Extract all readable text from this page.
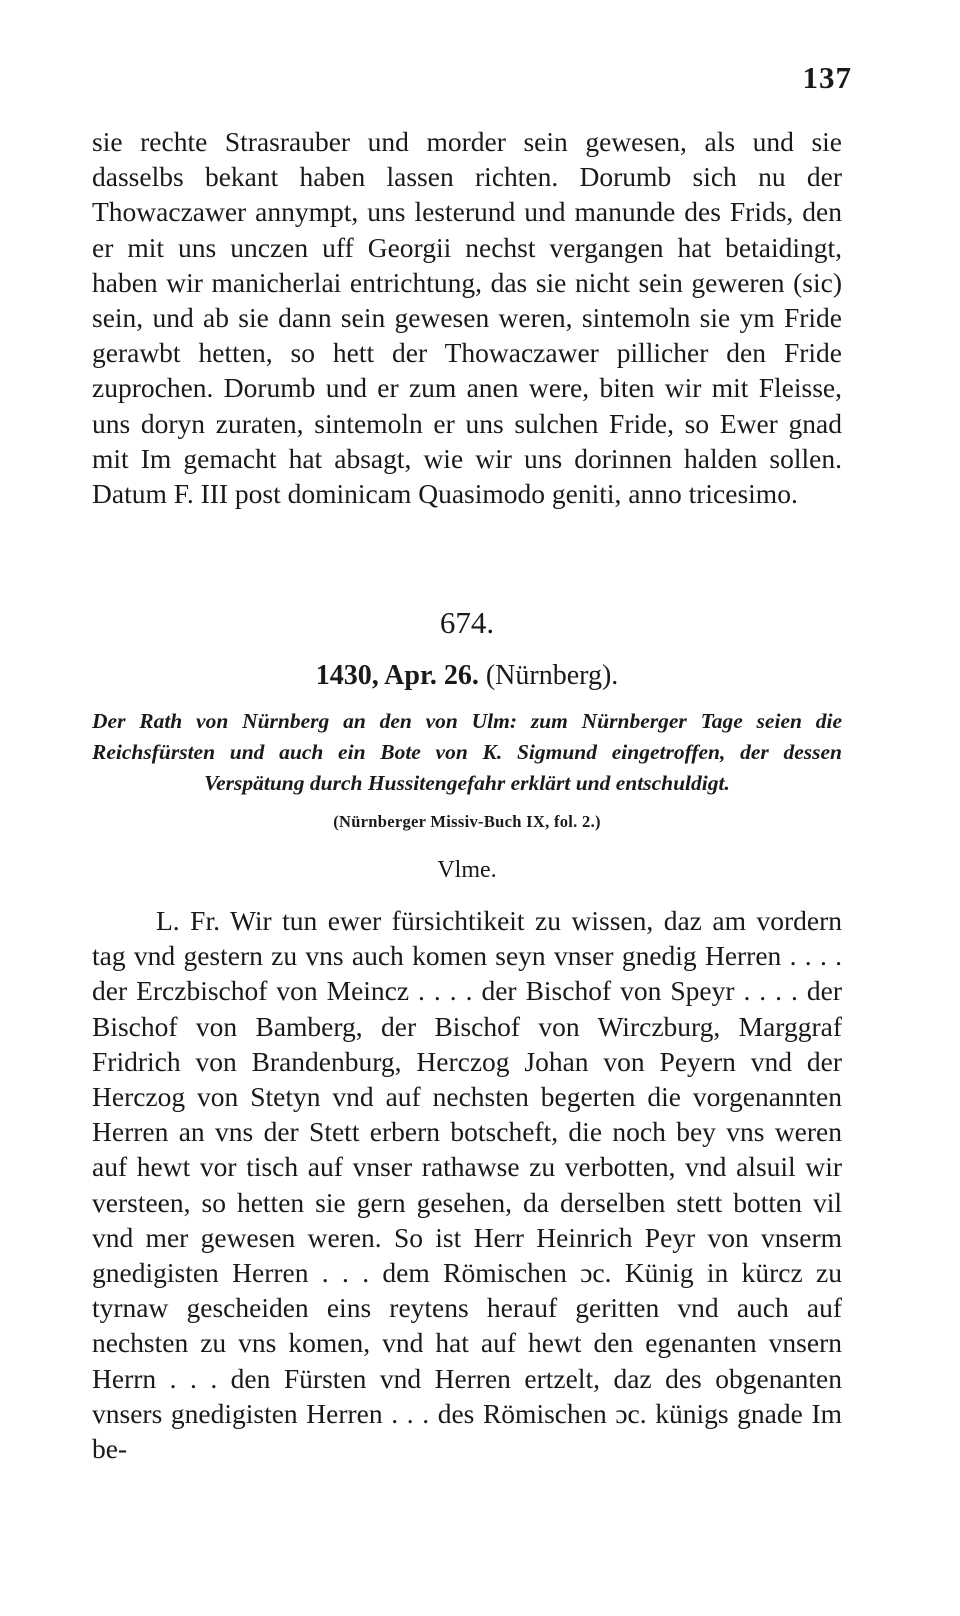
137

sie rechte Strasrauber und morder sein gewesen, als und sie dasselbs bekant haben lassen richten. Dorumb sich nu der Thowaczawer annympt, uns lesterund und manunde des Frids, den er mit uns unczen uff Georgii nechst vergangen hat betaidingt, haben wir manicherlai entrichtung, das sie nicht sein geweren (sic) sein, und ab sie dann sein gewesen weren, sintemoln sie ym Fride gerawbt hetten, so hett der Thowaczawer pillicher den Fride zuprochen. Dorumb und er zum anen were, biten wir mit Fleisse, uns doryn zuraten, sintemoln er uns sulchen Fride, so Ewer gnad mit Im gemacht hat absagt, wie wir uns dorinnen halden sollen. Datum F. III post dominicam Quasimodo geniti, anno tricesimo.

674.
1430, Apr. 26. (Nürnberg).
Der Rath von Nürnberg an den von Ulm: zum Nürnberger Tage seien die Reichsfürsten und auch ein Bote von K. Sigmund eingetroffen, der dessen Verspätung durch Hussitengefahr erklärt und entschuldigt.
(Nürnberger Missiv-Buch IX, fol. 2.)
Vlme.

L. Fr. Wir tun ewer fürsichtikeit zu wissen, daz am vordern tag vnd gestern zu vns auch komen seyn vnser gnedig Herren . . . . der Erczbischof von Meincz . . . . der Bischof von Speyr . . . . der Bischof von Bamberg, der Bischof von Wirczburg, Marggraf Fridrich von Brandenburg, Herczog Johan von Peyern vnd der Herczog von Stetyn vnd auf nechsten begerten die vorgenannten Herren an vns der Stett erbern botscheft, die noch bey vns weren auf hewt vor tisch auf vnser rathawse zu verbotten, vnd alsuil wir versteen, so hetten sie gern gesehen, da derselben stett botten vil vnd mer gewesen weren. So ist Herr Heinrich Peyr von vnserm gnedigisten Herren . . . dem Römischen ɔc. Künig in kürcz zu tyrnaw gescheiden eins reytens herauf geritten vnd auch auf nechsten zu vns komen, vnd hat auf hewt den egenanten vnsern Herrn . . . den Fürsten vnd Herren ertzelt, daz des obgenanten vnsers gnedigisten Herren . . . des Römischen ɔc. künigs gnade Im be-
